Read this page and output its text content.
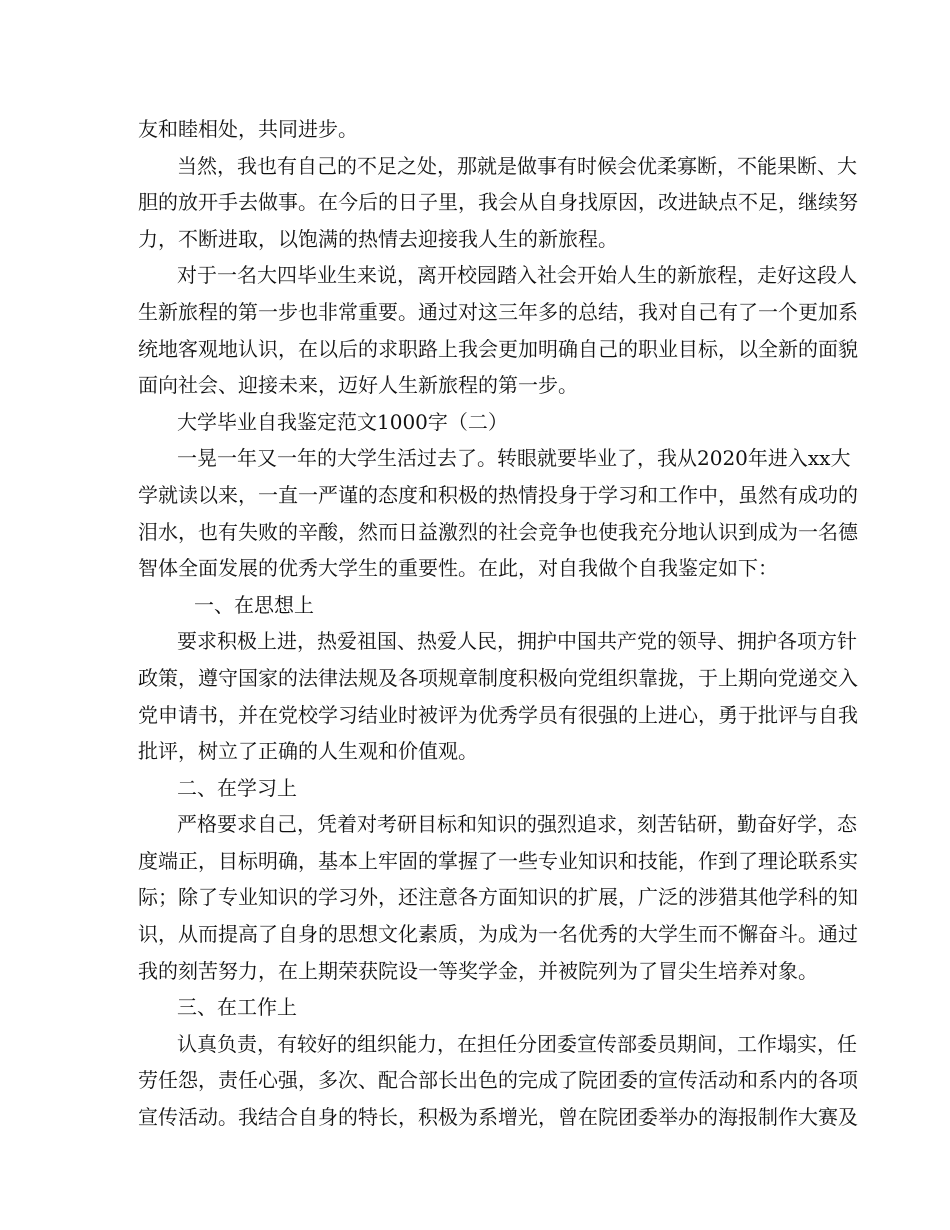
友和睦相处，共同进步。
当然，我也有自己的不足之处，那就是做事有时候会优柔寡断，不能果断、大
胆的放开手去做事。在今后的日子里，我会从自身找原因，改进缺点不足，继续努
力，不断进取，以饱满的热情去迎接我人生的新旅程。
对于一名大四毕业生来说，离开校园踏入社会开始人生的新旅程，走好这段人
生新旅程的第一步也非常重要。通过对这三年多的总结，我对自己有了一个更加系
统地客观地认识，在以后的求职路上我会更加明确自己的职业目标，以全新的面貌
面向社会、迎接未来，迈好人生新旅程的第一步。
大学毕业自我鉴定范文1000字（二）
一晃一年又一年的大学生活过去了。转眼就要毕业了，我从2020年进入xx大
学就读以来，一直一严谨的态度和积极的热情投身于学习和工作中，虽然有成功的
泪水，也有失败的辛酸，然而日益激烈的社会竞争也使我充分地认识到成为一名德
智体全面发展的优秀大学生的重要性。在此，对自我做个自我鉴定如下：
一、在思想上
要求积极上进，热爱祖国、热爱人民，拥护中国共产党的领导、拥护各项方针
政策，遵守国家的法律法规及各项规章制度积极向党组织靠拢，于上期向党递交入
党申请书，并在党校学习结业时被评为优秀学员有很强的上进心，勇于批评与自我
批评，树立了正确的人生观和价值观。
二、在学习上
严格要求自己，凭着对考研目标和知识的强烈追求，刻苦钻研，勤奋好学，态
度端正，目标明确，基本上牢固的掌握了一些专业知识和技能，作到了理论联系实
际；除了专业知识的学习外，还注意各方面知识的扩展，广泛的涉猎其他学科的知
识，从而提高了自身的思想文化素质，为成为一名优秀的大学生而不懈奋斗。通过
我的刻苦努力，在上期荣获院设一等奖学金，并被院列为了冒尖生培养对象。
三、在工作上
认真负责，有较好的组织能力，在担任分团委宣传部委员期间，工作塌实，任
劳任怨，责任心强，多次、配合部长出色的完成了院团委的宣传活动和系内的各项
宣传活动。我结合自身的特长，积极为系增光，曾在院团委举办的海报制作大赛及
